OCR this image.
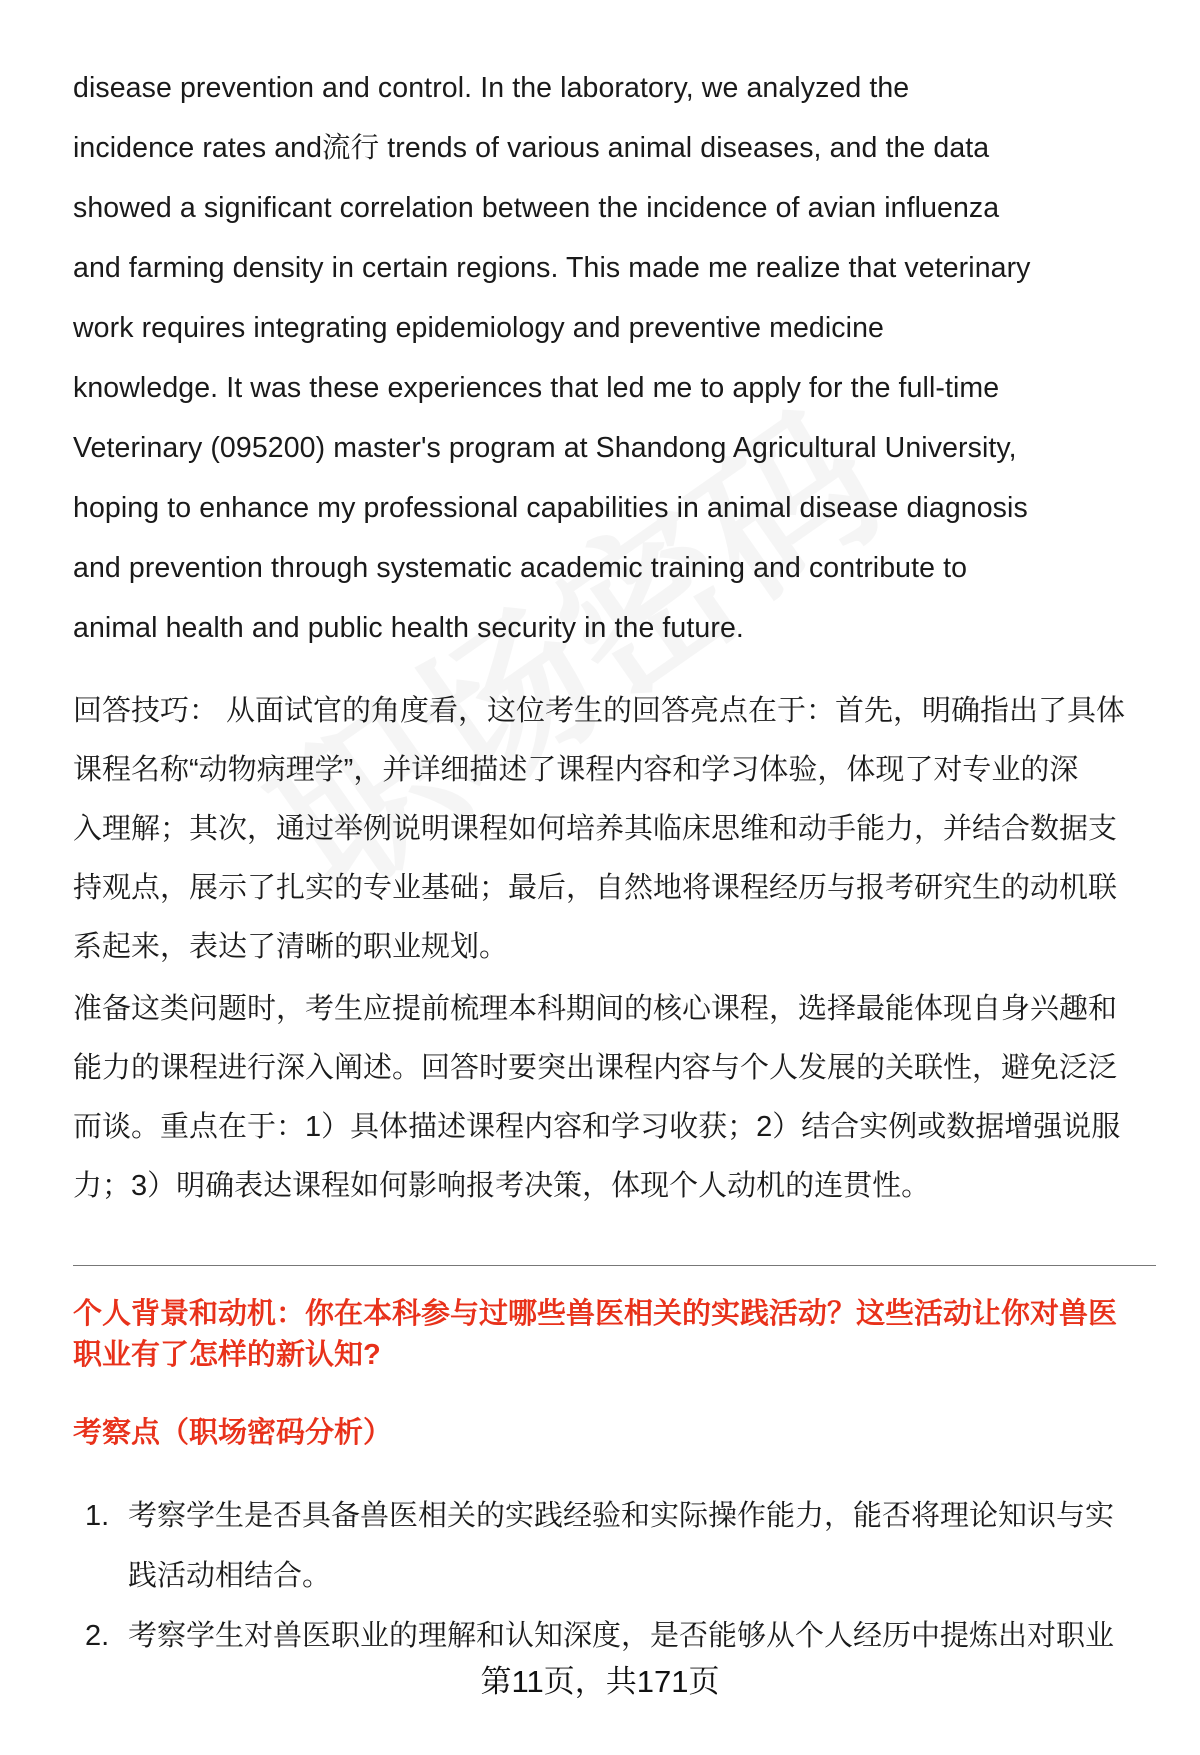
disease prevention and control. In the laboratory, we analyzed the
incidence rates and流行 trends of various animal diseases, and the data
showed a significant correlation between the incidence of avian influenza
and farming density in certain regions. This made me realize that veterinary
work requires integrating epidemiology and preventive medicine
knowledge. It was these experiences that led me to apply for the full-time
Veterinary (095200) master's program at Shandong Agricultural University,
hoping to enhance my professional capabilities in animal disease diagnosis
and prevention through systematic academic training and contribute to
animal health and public health security in the future.
回答技巧： 从面试官的角度看，这位考生的回答亮点在于：首先，明确指出了具体
课程名称“动物病理学”，并详细描述了课程内容和学习体验，体现了对专业的深
入理解；其次，通过举例说明课程如何培养其临床思维和动手能力，并结合数据支
持观点，展示了扎实的专业基础；最后，自然地将课程经历与报考研究生的动机联
系起来，表达了清晰的职业规划。
准备这类问题时，考生应提前梳理本科期间的核心课程，选择最能体现自身兴趣和
能力的课程进行深入阐述。回答时要突出课程内容与个人发展的关联性，避免泛泛
而谈。重点在于：1）具体描述课程内容和学习收获；2）结合实例或数据增强说服
力；3）明确表达课程如何影响报考决策，体现个人动机的连贯性。
个人背景和动机：你在本科参与过哪些兽医相关的实践活动？这些活动让你对兽医
职业有了怎样的新认知?
考察点（职场密码分析）
1. 考察学生是否具备兽医相关的实践经验和实际操作能力，能否将理论知识与实
践活动相结合。
2. 考察学生对兽医职业的理解和认知深度，是否能够从个人经历中提炼出对职业
第11页，共171页
